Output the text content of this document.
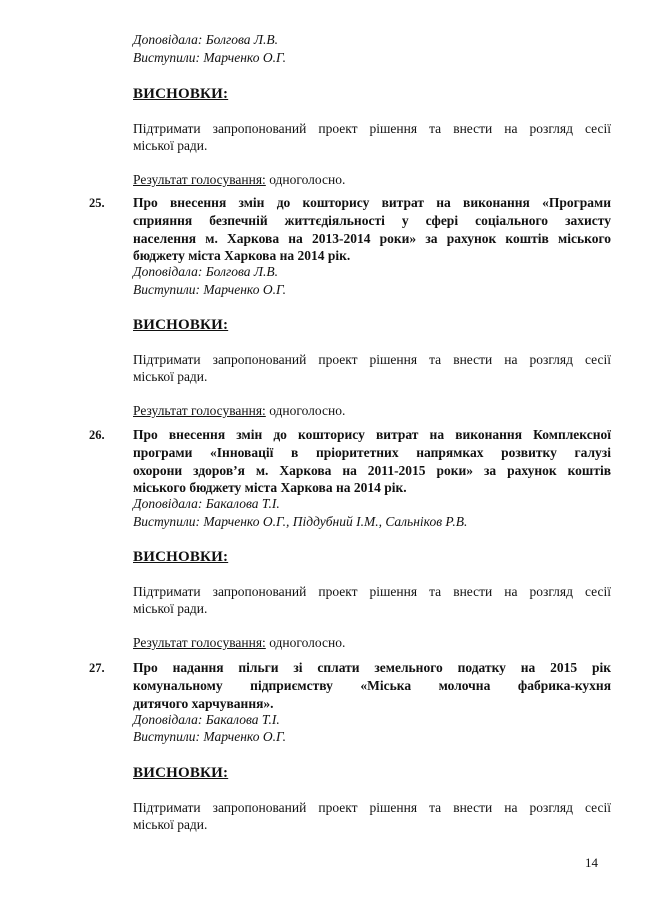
Доповідала: Болгова Л.В.
Виступили: Марченко О.Г.
ВИСНОВКИ:
Підтримати запропонований проект рішення та внести на розгляд сесії
міської ради.
Результат голосування: одноголосно.
25. Про внесення змін до кошторису витрат на виконання «Програми
сприяння безпечній життєдіяльності у сфері соціального захисту
населення м. Харкова на 2013-2014 роки» за рахунок коштів міського
бюджету міста Харкова на 2014 рік.
Доповідала: Болгова Л.В.
Виступили: Марченко О.Г.
ВИСНОВКИ:
Підтримати запропонований проект рішення та внести на розгляд сесії
міської ради.
Результат голосування: одноголосно.
26. Про внесення змін до кошторису витрат на виконання Комплексної
програми «Інновації в пріоритетних напрямках розвитку галузі
охорони здоров’я м. Харкова на 2011-2015 роки» за рахунок коштів
міського бюджету міста Харкова на 2014 рік.
Доповідала: Бакалова Т.І.
Виступили: Марченко О.Г., Піддубний І.М., Сальніков Р.В.
ВИСНОВКИ:
Підтримати запропонований проект рішення та внести на розгляд сесії
міської ради.
Результат голосування: одноголосно.
27. Про надання пільги зі сплати земельного податку на 2015 рік
комунальному підприємству «Міська молочна фабрика-кухня
дитячого харчування».
Доповідала: Бакалова Т.І.
Виступили: Марченко О.Г.
ВИСНОВКИ:
Підтримати запропонований проект рішення та внести на розгляд сесії
міської ради.
14
